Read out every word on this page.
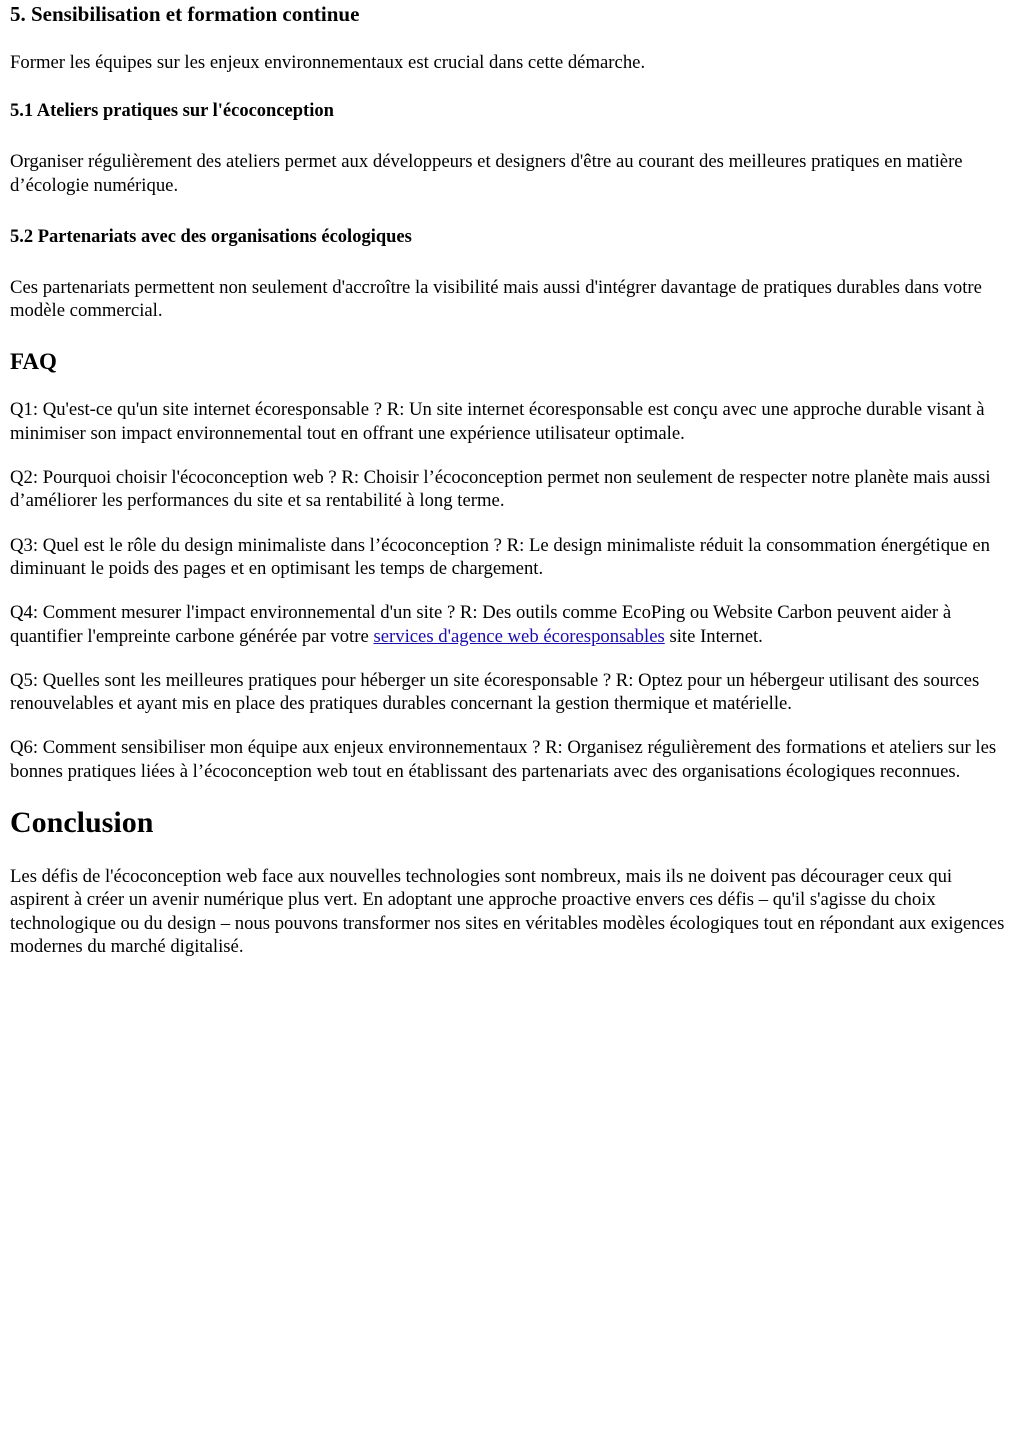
5. Sensibilisation et formation continue

Former les équipes sur les enjeux environnementaux est crucial dans cette démarche.

5.1 Ateliers pratiques sur l'écoconception

Organiser régulièrement des ateliers permet aux développeurs et designers d'être au courant des meilleures pratiques en matière d’écologie numérique.

5.2 Partenariats avec des organisations écologiques

Ces partenariats permettent non seulement d'accroître la visibilité mais aussi d'intégrer davantage de pratiques durables dans votre modèle commercial.

FAQ

Q1: Qu'est-ce qu'un site internet écoresponsable ? R: Un site internet écoresponsable est conçu avec une approche durable visant à minimiser son impact environnemental tout en offrant une expérience utilisateur optimale.

Q2: Pourquoi choisir l'écoconception web ? R: Choisir l’écoconception permet non seulement de respecter notre planète mais aussi d’améliorer les performances du site et sa rentabilité à long terme.

Q3: Quel est le rôle du design minimaliste dans l’écoconception ? R: Le design minimaliste réduit la consommation énergétique en diminuant le poids des pages et en optimisant les temps de chargement.

Q4: Comment mesurer l'impact environnemental d'un site ? R: Des outils comme EcoPing ou Website Carbon peuvent aider à quantifier l'empreinte carbone générée par votre services d'agence web écoresponsables site Internet.

Q5: Quelles sont les meilleures pratiques pour héberger un site écoresponsable ? R: Optez pour un hébergeur utilisant des sources renouvelables et ayant mis en place des pratiques durables concernant la gestion thermique et matérielle.

Q6: Comment sensibiliser mon équipe aux enjeux environnementaux ? R: Organisez régulièrement des formations et ateliers sur les bonnes pratiques liées à l’écoconception web tout en établissant des partenariats avec des organisations écologiques reconnues.

Conclusion

Les défis de l'écoconception web face aux nouvelles technologies sont nombreux, mais ils ne doivent pas décourager ceux qui aspirent à créer un avenir numérique plus vert. En adoptant une approche proactive envers ces défis – qu'il s'agisse du choix technologique ou du design – nous pouvons transformer nos sites en véritables modèles écologiques tout en répondant aux exigences modernes du marché digitalisé.
